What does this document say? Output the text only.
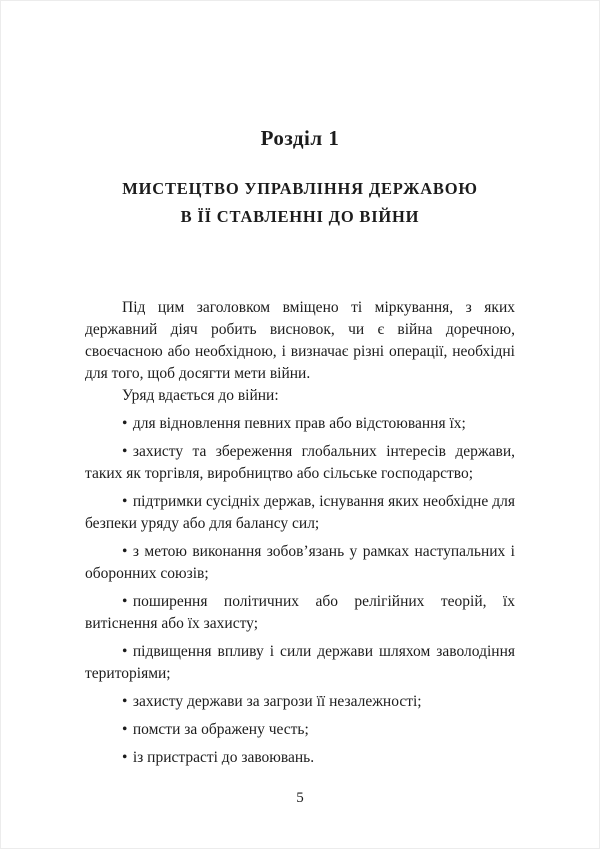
Розділ 1
МИСТЕЦТВО УПРАВЛІННЯ ДЕРЖАВОЮ
В ЇЇ СТАВЛЕННІ ДО ВІЙНИ

Під цим заголовком вміщено ті міркування, з яких державний діяч робить висновок, чи є війна доречною, своєчасною або необхідною, і визначає різні операції, необхідні для того, щоб досягти мети війни.

Уряд вдається до війни:

• для відновлення певних прав або відстоювання їх;

• захисту та збереження глобальних інтересів держави, таких як торгівля, виробництво або сільське господарство;

• підтримки сусідніх держав, існування яких необхідне для безпеки уряду або для балансу сил;

• з метою виконання зобов’язань у рамках наступальних і оборонних союзів;

• поширення політичних або релігійних теорій, їх витіснення або їх захисту;

• підвищення впливу і сили держави шляхом заволодіння територіями;

• захисту держави за загрози її незалежності;

• помсти за ображену честь;

• із пристрасті до завоювань.

5
